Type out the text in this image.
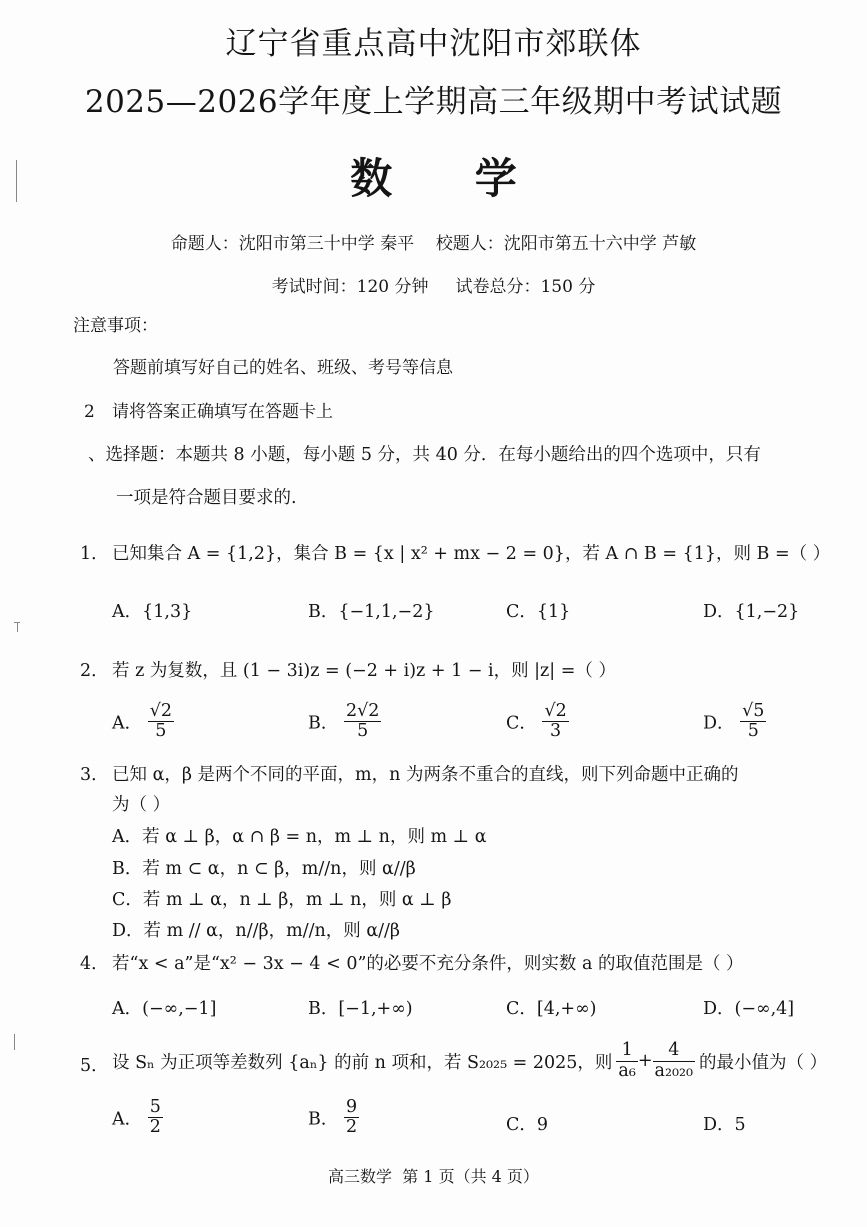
辽宁省重点高中沈阳市郊联体
2025—2026学年度上学期高三年级期中考试试题
数 学
命题人：沈阳市第三十中学 秦平    校题人：沈阳市第五十六中学 芦敏
考试时间：120 分钟     试卷总分：150 分
注意事项：
答题前填写好自己的姓名、班级、考号等信息
2 请将答案正确填写在答题卡上
、选择题：本题共 8 小题，每小题 5 分，共 40 分．在每小题给出的四个选项中，只有
一项是符合题目要求的.
1． 已知集合 A = {1,2}，集合 B = {x | x² + mx − 2 = 0}，若 A ∩ B = {1}，则 B =（ ）
A．{1,3}	B．{−1,1,−2}	C．{1}	D．{1,−2}
2． 若 z 为复数，且 (1 − 3i)z = (−2 + i)z + 1 − i，则 |z| =（ ）
A． $\frac{√2}{5}$	B． $\frac{2√2}{5}$	C． $\frac{√2}{3}$	D． $\frac{√5}{5}$
3． 已知 α，β 是两个不同的平面，m，n 为两条不重合的直线，则下列命题中正确的
为（ ）
A．若 α ⊥ β，α ∩ β = n，m ⊥ n，则 m ⊥ α
B．若 m ⊂ α，n ⊂ β，m//n，则 α//β
C．若 m ⊥ α，n ⊥ β，m ⊥ n，则 α ⊥ β
D．若 m // α，n//β，m//n，则 α//β
4． 若“x < a”是“x² − 3x − 4 < 0”的必要不充分条件，则实数 a 的取值范围是（ ）
A．(−∞,−1]	B．[−1,+∞)	C．[4,+∞)	D．(−∞,4]
5． 设 Sₙ 为正项等差数列 {aₙ} 的前 n 项和，若 S₂₀₂₅ = 2025，则 $\frac{1}{\text{a₆}} + \frac{4}{\text{a₂₀₂₀}}$ 的最小值为（ ）
A． $\frac{5}{2}$	B． $\frac{9}{2}$	C．9	D．5
高三数学  第 1 页（共 4 页）
